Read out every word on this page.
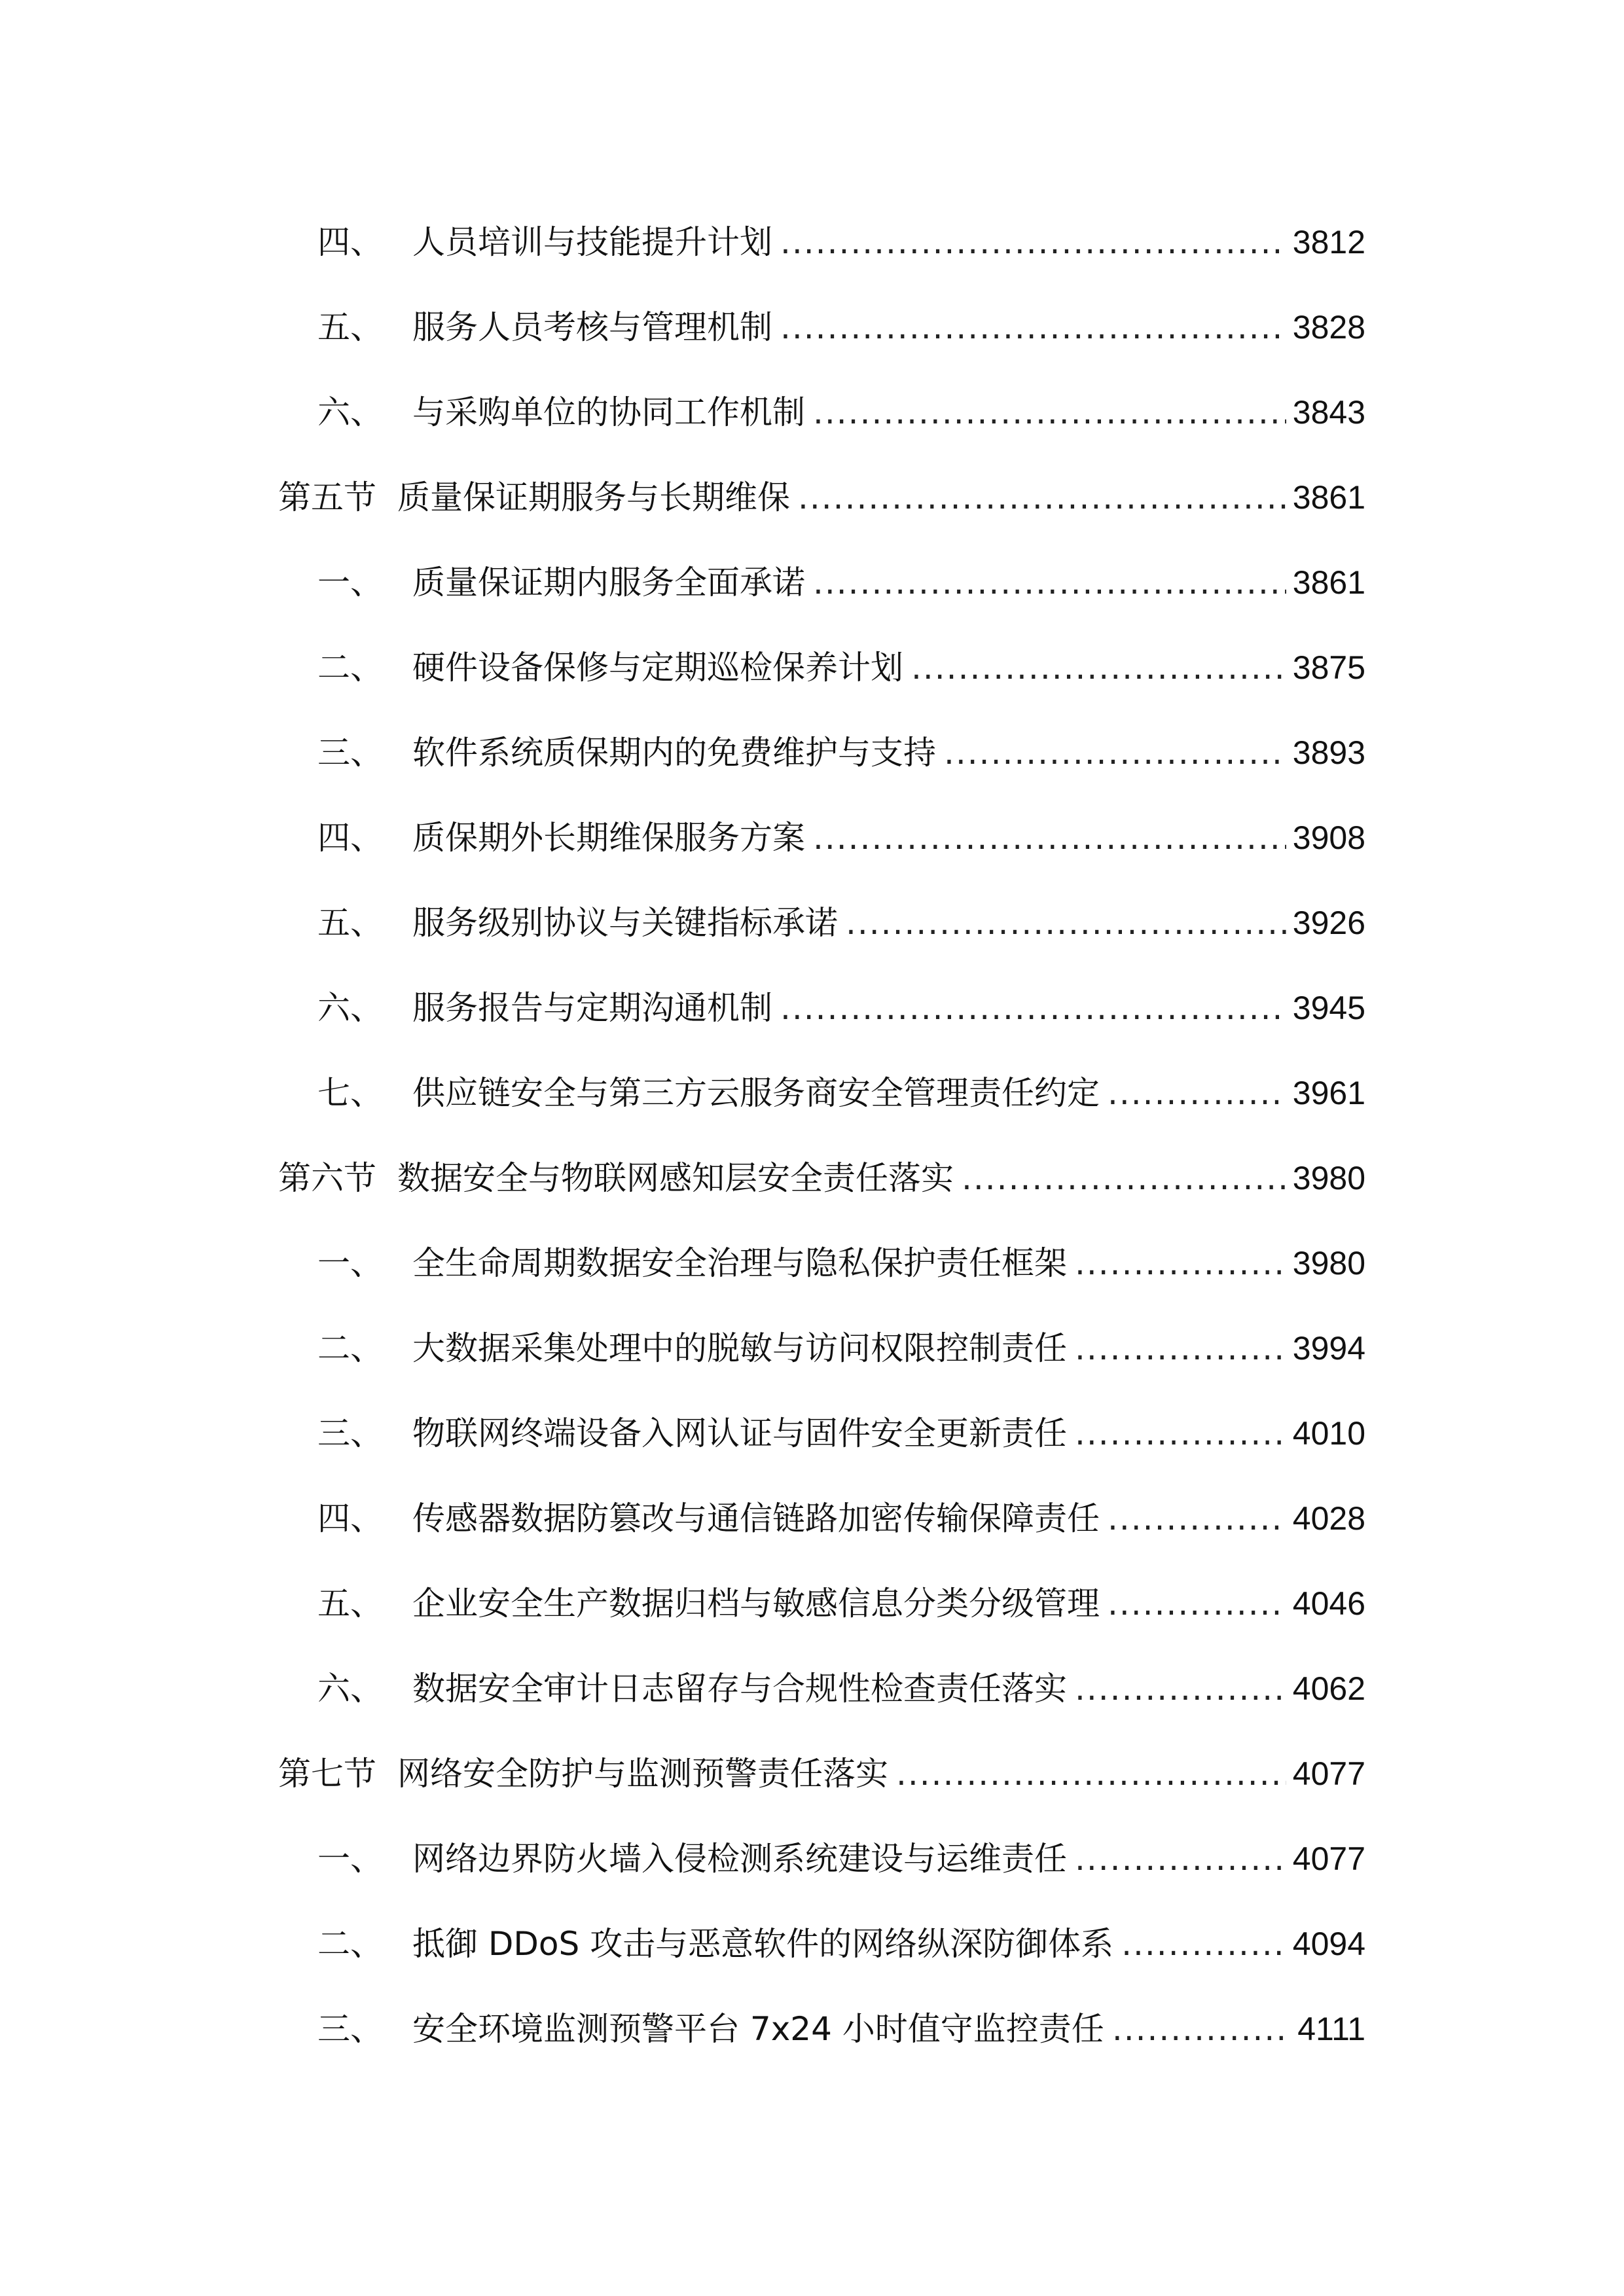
四、 人员培训与技能提升计划 .....	3812
五、 服务人员考核与管理机制 .....	3828
六、 与采购单位的协同工作机制 .....	3843
第五节 质量保证期服务与长期维保 .....	3861
一、 质量保证期内服务全面承诺 .....	3861
二、 硬件设备保修与定期巡检保养计划 .....	3875
三、 软件系统质保期内的免费维护与支持 .....	3893
四、 质保期外长期维保服务方案 .....	3908
五、 服务级别协议与关键指标承诺 .....	3926
六、 服务报告与定期沟通机制 .....	3945
七、 供应链安全与第三方云服务商安全管理责任约定 .....	3961
第六节 数据安全与物联网感知层安全责任落实 .....	3980
一、 全生命周期数据安全治理与隐私保护责任框架 .....	3980
二、 大数据采集处理中的脱敏与访问权限控制责任 .....	3994
三、 物联网终端设备入网认证与固件安全更新责任 .....	4010
四、 传感器数据防篡改与通信链路加密传输保障责任 .....	4028
五、 企业安全生产数据归档与敏感信息分类分级管理 .....	4046
六、 数据安全审计日志留存与合规性检查责任落实 .....	4062
第七节 网络安全防护与监测预警责任落实 .....	4077
一、 网络边界防火墙入侵检测系统建设与运维责任 .....	4077
二、 抵御 DDoS 攻击与恶意软件的网络纵深防御体系 .....	4094
三、 安全环境监测预警平台 7x24 小时值守监控责任 .....	4111
